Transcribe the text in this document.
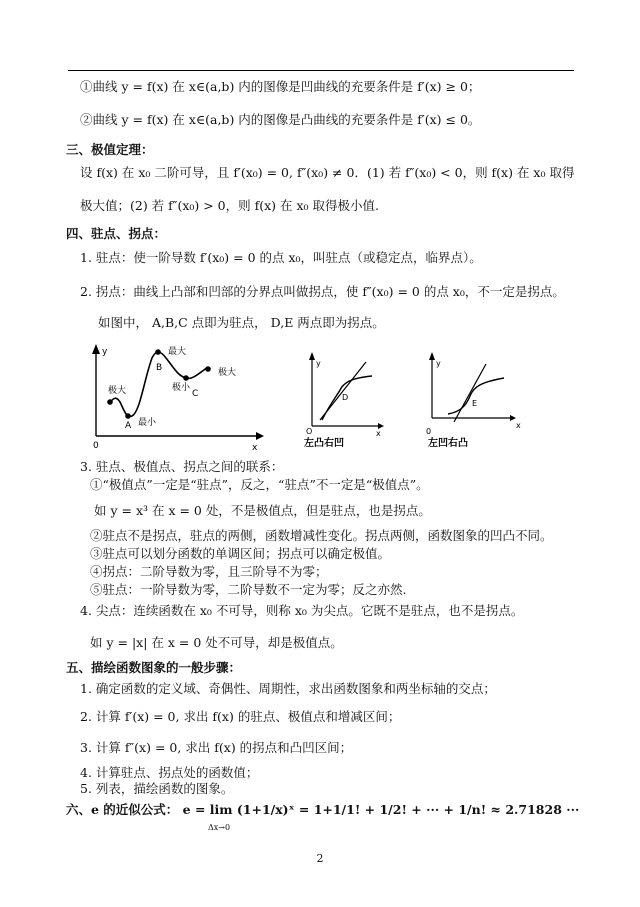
①曲线 y = f(x) 在 x∈(a,b) 内的图像是凹曲线的充要条件是 f′(x) ≥ 0；
②曲线 y = f(x) 在 x∈(a,b) 内的图像是凸曲线的充要条件是 f′(x) ≤ 0。
三、极值定理：
设 f(x) 在 x₀ 二阶可导，且 f′(x₀) = 0, f″(x₀) ≠ 0．(1) 若 f″(x₀) < 0，则 f(x) 在 x₀ 取得
极大值；(2) 若 f″(x₀) > 0，则 f(x) 在 x₀ 取得极小值.
四、驻点、拐点：
1. 驻点：使一阶导数 f′(x₀) = 0 的点 x₀，叫驻点（或稳定点，临界点）。
2. 拐点：曲线上凸部和凹部的分界点叫做拐点，使 f″(x₀) = 0 的点 x₀，不一定是拐点。
如图中， A,B,C 点即为驻点， D,E 两点即为拐点。
y
x
0
极大
A 最小
B
最大
极小
C
极大
y
x
O
D
左凸右凹
y
x
0
E
左凹右凸
3. 驻点、极值点、拐点之间的联系：
①“极值点”一定是“驻点”，反之，“驻点”不一定是“极值点”。
如 y = x³ 在 x = 0 处，不是极值点，但是驻点，也是拐点。
②驻点不是拐点，驻点的两侧，函数增减性变化。拐点两侧，函数图象的凹凸不同。
③驻点可以划分函数的单调区间；拐点可以确定极值。
④拐点：二阶导数为零，且三阶导不为零；
⑤驻点：一阶导数为零，二阶导数不一定为零；反之亦然.
4. 尖点：连续函数在 x₀ 不可导，则称 x₀ 为尖点。它既不是驻点，也不是拐点。
如 y = |x| 在 x = 0 处不可导，却是极值点。
五、描绘函数图象的一般步骤：
1. 确定函数的定义域、奇偶性、周期性，求出函数图象和两坐标轴的交点；
2. 计算 f′(x) = 0, 求出 f(x) 的驻点、极值点和增减区间；
3. 计算 f″(x) = 0, 求出 f(x) 的拐点和凸凹区间；
4. 计算驻点、拐点处的函数值；
5. 列表，描绘函数的图象。
六、e 的近似公式： e = lim (1+1/x)ˣ = 1+1/1! + 1/2! + ··· + 1/n! ≈ 2.71828 ···
Δx→0
2
